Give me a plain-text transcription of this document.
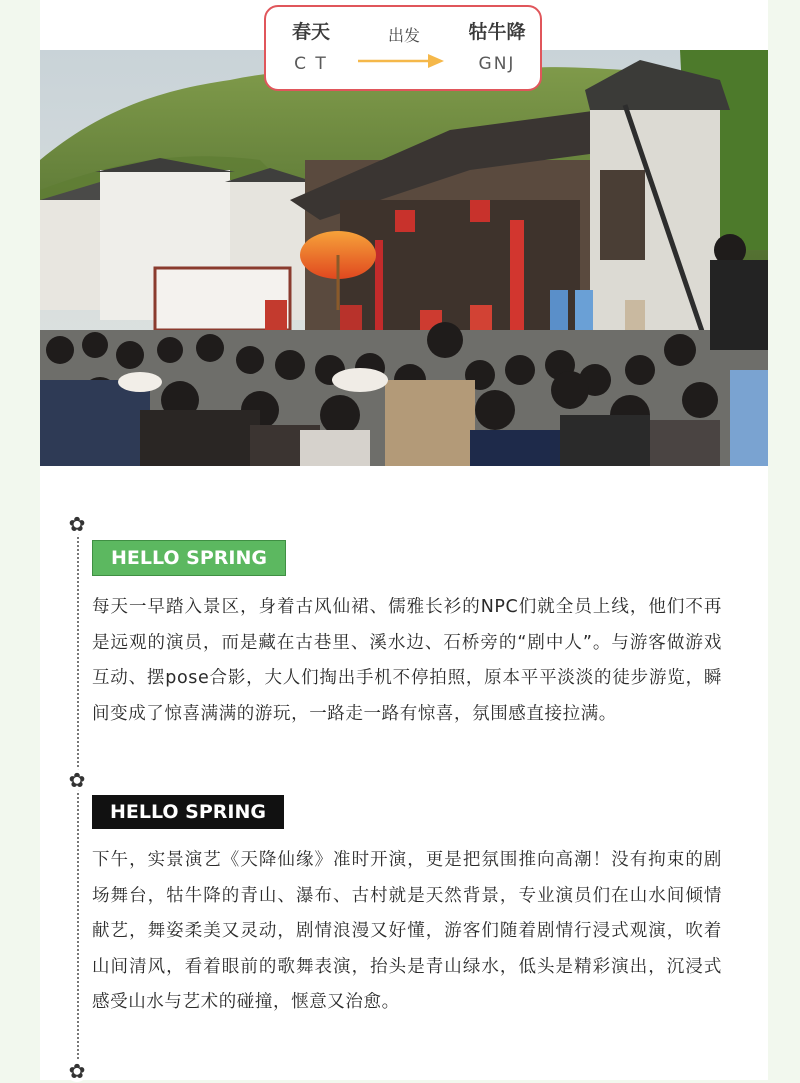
春天
C T
出发	牯牛降
GNJ
✿
✿
✿
HELLO SPRING
每天一早踏入景区，身着古风仙裙、儒雅长衫的NPC们就全员上线，他们不再是远观的演员，而是藏在古巷里、溪水边、石桥旁的“剧中人”。与游客做游戏互动、摆pose合影，大人们掏出手机不停拍照，原本平平淡淡的徒步游览，瞬间变成了惊喜满满的游玩，一路走一路有惊喜，氛围感直接拉满。
HELLO SPRING
下午，实景演艺《天降仙缘》准时开演，更是把氛围推向高潮！没有拘束的剧场舞台，牯牛降的青山、瀑布、古村就是天然背景，专业演员们在山水间倾情献艺，舞姿柔美又灵动，剧情浪漫又好懂，游客们随着剧情行浸式观演，吹着山间清风，看着眼前的歌舞表演，抬头是青山绿水，低头是精彩演出，沉浸式感受山水与艺术的碰撞，惬意又治愈。
